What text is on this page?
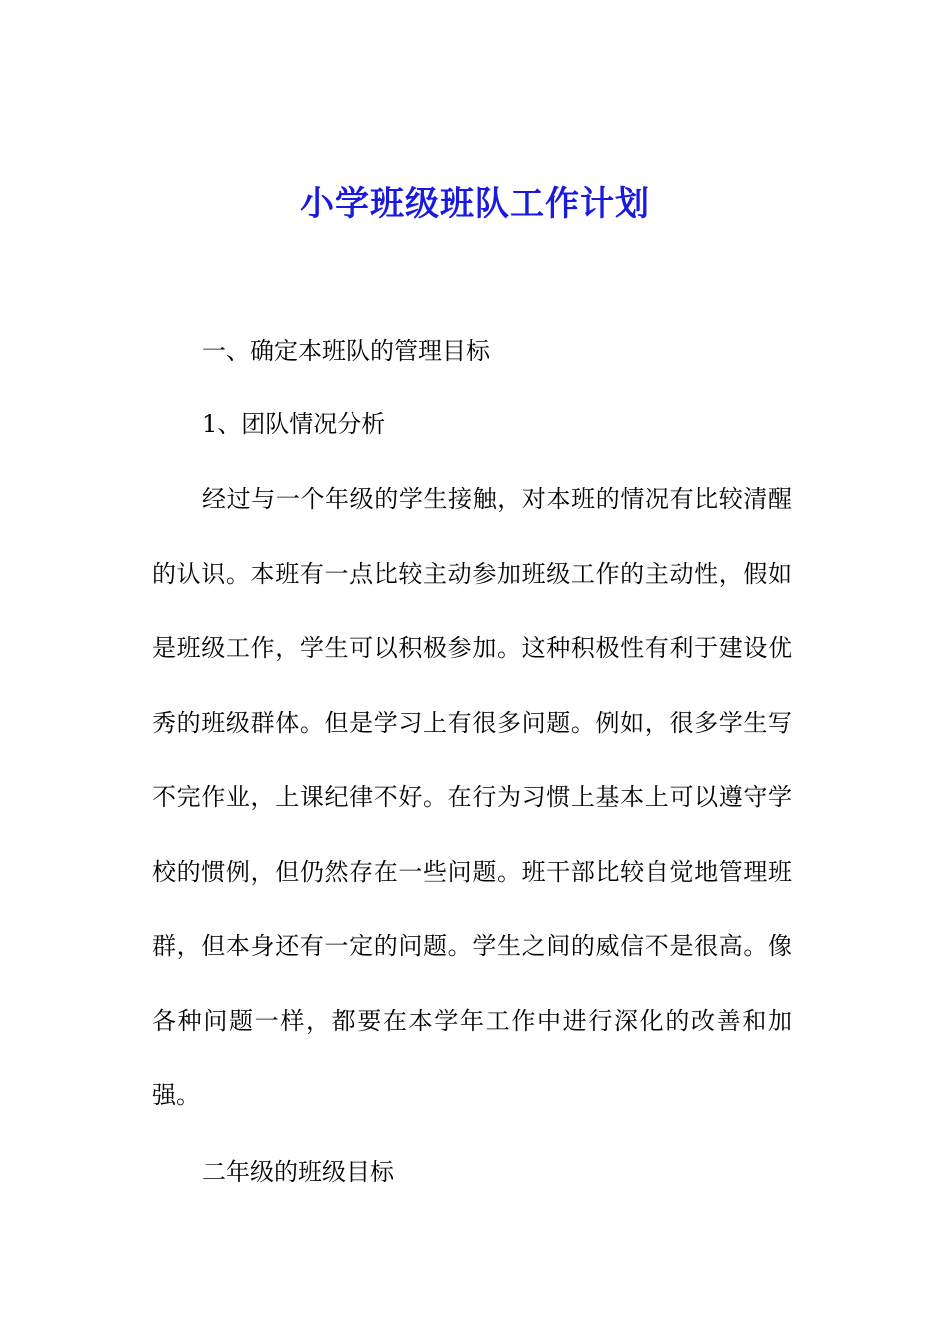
小学班级班队工作计划
一、确定本班队的管理目标
1、团队情况分析

经过与一个年级的学生接触，对本班的情况有比较清醒的认识。本班有一点比较主动参加班级工作的主动性，假如是班级工作，学生可以积极参加。这种积极性有利于建设优秀的班级群体。但是学习上有很多问题。例如，很多学生写不完作业，上课纪律不好。在行为习惯上基本上可以遵守学校的惯例，但仍然存在一些问题。班干部比较自觉地管理班群，但本身还有一定的问题。学生之间的威信不是很高。像各种问题一样，都要在本学年工作中进行深化的改善和加强。

二年级的班级目标
